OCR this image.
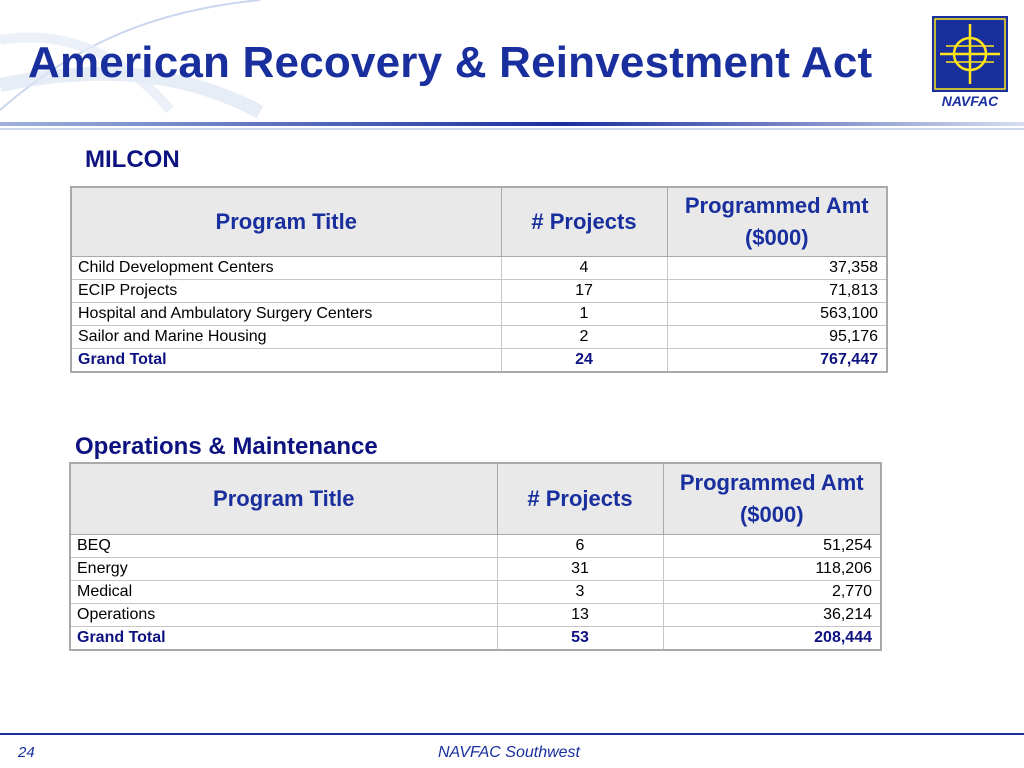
American Recovery & Reinvestment Act
NAVFAC
MILCON
Program Title	# Projects	Programmed Amt ($000)
Child Development Centers	4	37,358
ECIP Projects	17	71,813
Hospital and Ambulatory Surgery Centers	1	563,100
Sailor and Marine Housing	2	95,176
Grand Total	24	767,447
Operations & Maintenance
Program Title	# Projects	Programmed Amt ($000)
BEQ	6	51,254
Energy	31	118,206
Medical	3	2,770
Operations	13	36,214
Grand Total	53	208,444
24	NAVFAC Southwest
